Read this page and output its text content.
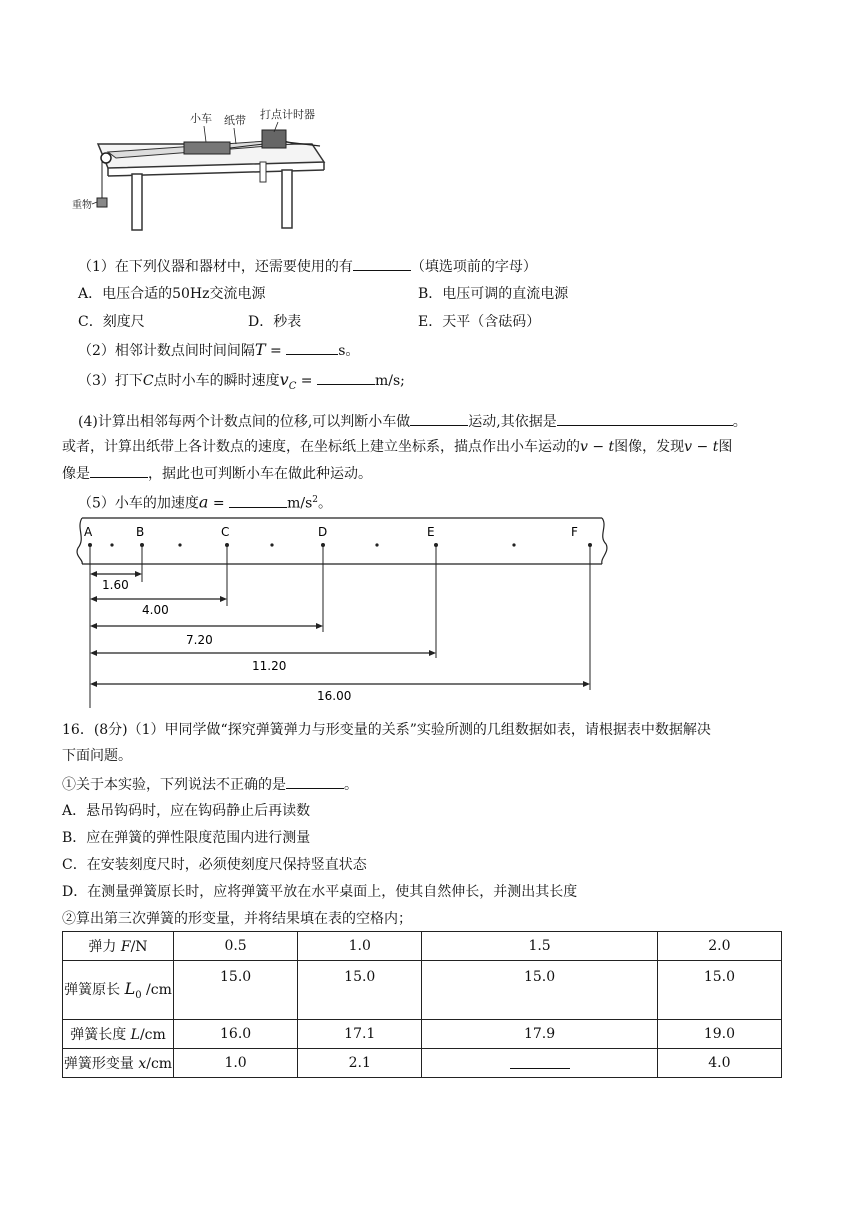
小车 纸带 打点计时器
重物
（1）在下列仪器和器材中，还需要使用的有	（填选项前的字母）
A．电压合适的50Hz交流电源	B．电压可调的直流电源
C．刻度尺	D．秒表	E．天平（含砝码）
（2）相邻计数点间时间间隔T =	s。
（3）打下C点时小车的瞬时速度$v_C$ =	m/s;
(4)计算出相邻每两个计数点间的位移,可以判断小车做	运动,其依据是	。
或者，计算出纸带上各计数点的速度，在坐标纸上建立坐标系，描点作出小车运动的v − t图像，发现v − t图
像是	，据此也可判断小车在做此种运动。
（5）小车的加速度a =	$m/s^2$。
A	B	C	D	E	F
1.60
4.00
7.20
11.20
16.00
16．(8分)（1）甲同学做“探究弹簧弹力与形变量的关系”实验所测的几组数据如表，请根据表中数据解决
下面问题。
①关于本实验，下列说法不正确的是	。
A．悬吊钩码时，应在钩码静止后再读数
B．应在弹簧的弹性限度范围内进行测量
C．在安装刻度尺时，必须使刻度尺保持竖直状态
D．在测量弹簧原长时，应将弹簧平放在水平桌面上，使其自然伸长，并测出其长度
②算出第三次弹簧的形变量，并将结果填在表的空格内；
弹力 F/N	0.5	1.0	1.5	2.0
弹簧原长 $L_0$ /cm	15.0	15.0	15.0	15.0
弹簧长度 L/cm	16.0	17.1	17.9	19.0
弹簧形变量 x/cm	1.0	2.1		4.0
